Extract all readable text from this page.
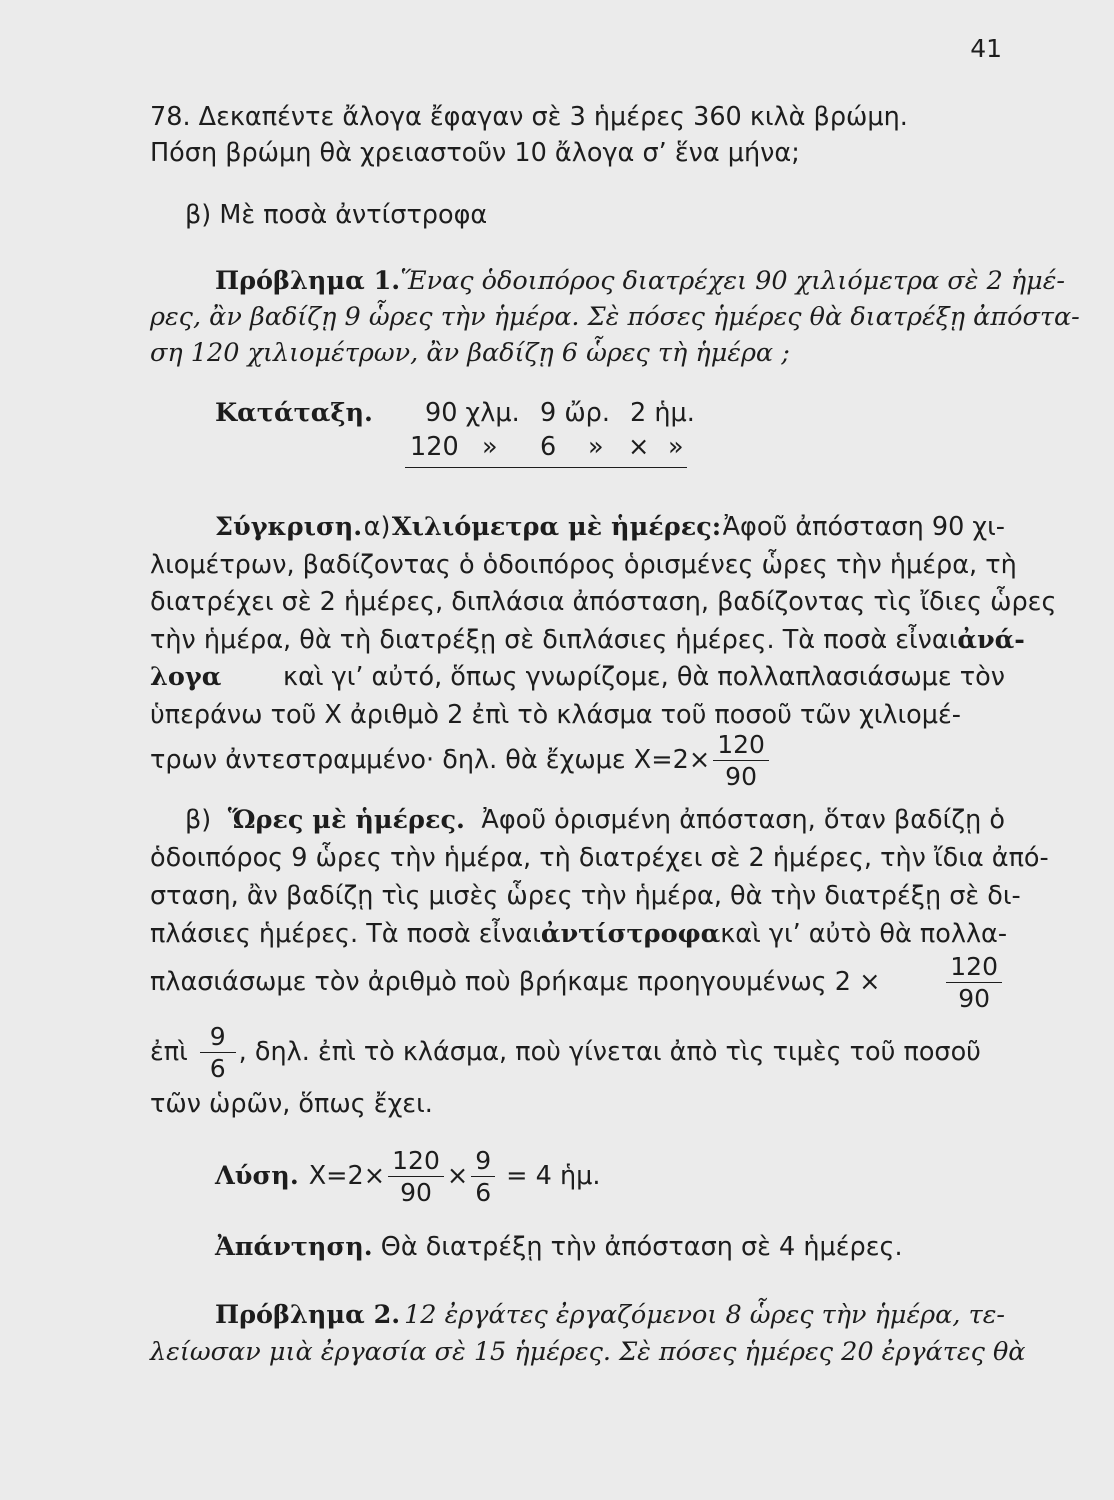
41
78. Δεκαπέντε ἄλογα ἔφαγαν σὲ 3 ἡμέρες 360 κιλὰ βρώμη.
Πόση βρώμη θὰ χρειαστοῦν 10 ἄλογα σ’ ἕνα μήνα;
β) Μὲ ποσὰ ἀντίστροφα
Πρόβλημα 1. Ἕνας ὁδοιπόρος διατρέχει 90 χιλιόμετρα σὲ 2 ἡμέ-
ρες, ἂν βαδίζῃ 9 ὧρες τὴν ἡμέρα. Σὲ πόσες ἡμέρες θὰ διατρέξῃ ἀπόστα-
ση 120 χιλιομέτρων, ἂν βαδίζῃ 6 ὧρες τὴ ἡμέρα ;
Κατάταξη. 90 χλμ. 9 ὤρ. 2 ἡμ.
120 » 6 » × »
Σύγκριση. α) Χιλιόμετρα μὲ ἡμέρες: Ἀφοῦ ἀπόσταση 90 χι-
λιομέτρων, βαδίζοντας ὁ ὁδοιπόρος ὁρισμένες ὧρες τὴν ἡμέρα, τὴ
διατρέχει σὲ 2 ἡμέρες, διπλάσια ἀπόσταση, βαδίζοντας τὶς ἴδιες ὧρες
τὴν ἡμέρα, θὰ τὴ διατρέξῃ σὲ διπλάσιες ἡμέρες. Τὰ ποσὰ εἶναι ἀνά-
λογα καὶ γι’ αὐτό, ὅπως γνωρίζομε, θὰ πολλαπλασιάσωμε τὸν
ὑπεράνω τοῦ Χ ἀριθμὸ 2 ἐπὶ τὸ κλάσμα τοῦ ποσοῦ τῶν χιλιομέ-
τρων ἀντεστραμμένο· δηλ. θὰ ἔχωμε $X=2\times \frac{120}{90}$
β) Ὥρες μὲ ἡμέρες. Ἀφοῦ ὁρισμένη ἀπόσταση, ὅταν βαδίζῃ ὁ
ὁδοιπόρος 9 ὧρες τὴν ἡμέρα, τὴ διατρέχει σὲ 2 ἡμέρες, τὴν ἴδια ἀπό-
σταση, ἂν βαδίζῃ τὶς μισὲς ὧρες τὴν ἡμέρα, θὰ τὴν διατρέξῃ σὲ δι-
πλάσιες ἡμέρες. Τὰ ποσὰ εἶναι ἀντίστροφα καὶ γι’ αὐτὸ θὰ πολλα-
πλασιάσωμε τὸν ἀριθμὸ ποὺ βρήκαμε προηγουμένως 2 ×	$\frac{120}{90}$
ἐπὶ $\frac{9}{6}$ , δηλ. ἐπὶ τὸ κλάσμα, ποὺ γίνεται ἀπὸ τὶς τιμὲς τοῦ ποσοῦ
τῶν ὡρῶν, ὅπως ἔχει.
Λύση. $X=2\times \frac{120}{90} \times \frac{9}{6} = 4$ ἡμ.
Ἀπάντηση. Θὰ διατρέξῃ τὴν ἀπόσταση σὲ 4 ἡμέρες.
Πρόβλημα 2. 12 ἐργάτες ἐργαζόμενοι 8 ὧρες τὴν ἡμέρα, τε-
λείωσαν μιὰ ἐργασία σὲ 15 ἡμέρες. Σὲ πόσες ἡμέρες 20 ἐργάτες θὰ
